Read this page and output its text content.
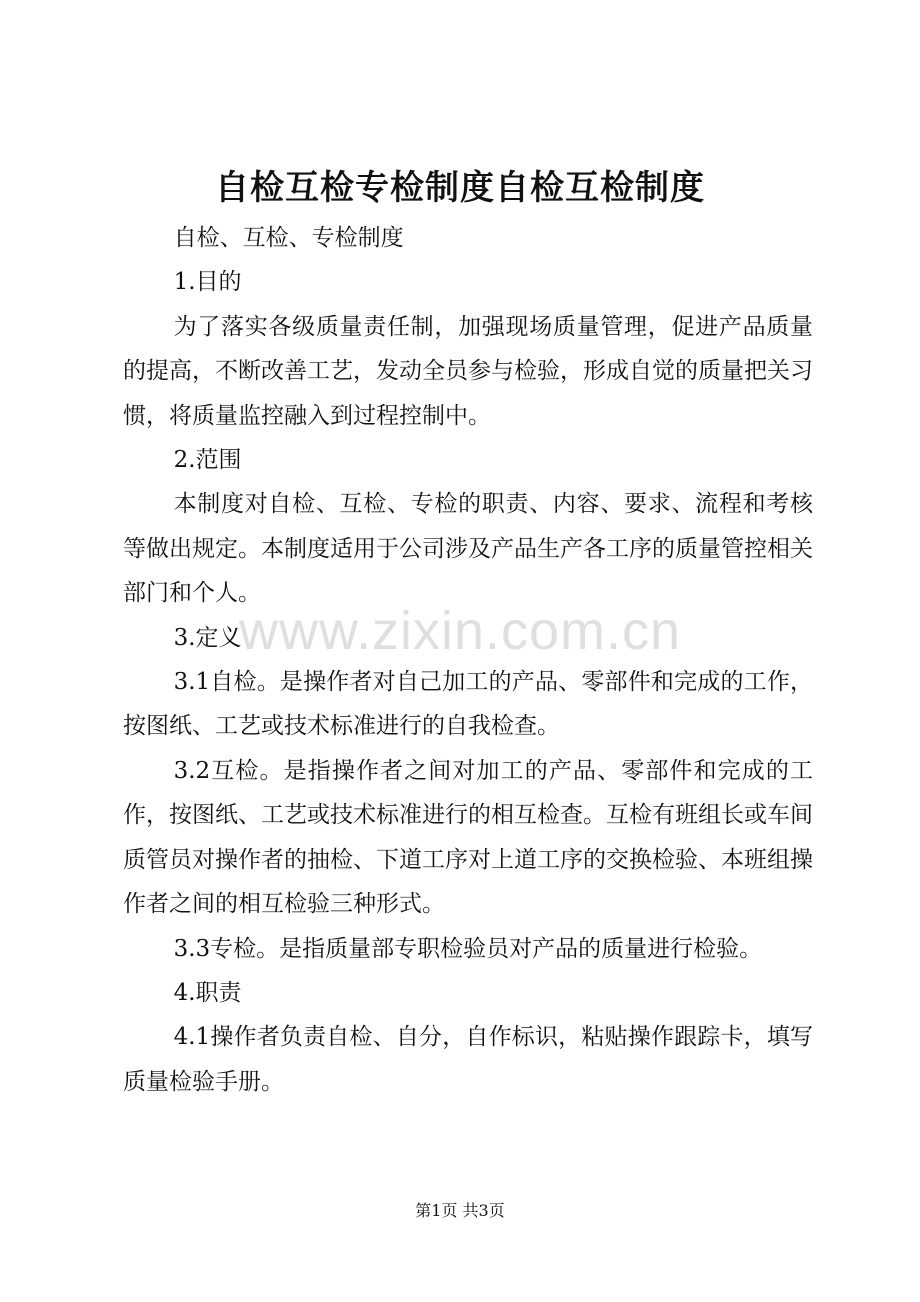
自检互检专检制度自检互检制度

自检、互检、专检制度

1.目的

为了落实各级质量责任制，加强现场质量管理，促进产品质量的提高，不断改善工艺，发动全员参与检验，形成自觉的质量把关习惯，将质量监控融入到过程控制中。

2.范围

本制度对自检、互检、专检的职责、内容、要求、流程和考核等做出规定。本制度适用于公司涉及产品生产各工序的质量管控相关部门和个人。

3.定义

3.1自检。是操作者对自己加工的产品、零部件和完成的工作，按图纸、工艺或技术标准进行的自我检查。

3.2互检。是指操作者之间对加工的产品、零部件和完成的工作，按图纸、工艺或技术标准进行的相互检查。互检有班组长或车间质管员对操作者的抽检、下道工序对上道工序的交换检验、本班组操作者之间的相互检验三种形式。

3.3专检。是指质量部专职检验员对产品的质量进行检验。

4.职责

4.1操作者负责自检、自分，自作标识，粘贴操作跟踪卡，填写质量检验手册。

www.zixin.com.cn
第1页 共3页
